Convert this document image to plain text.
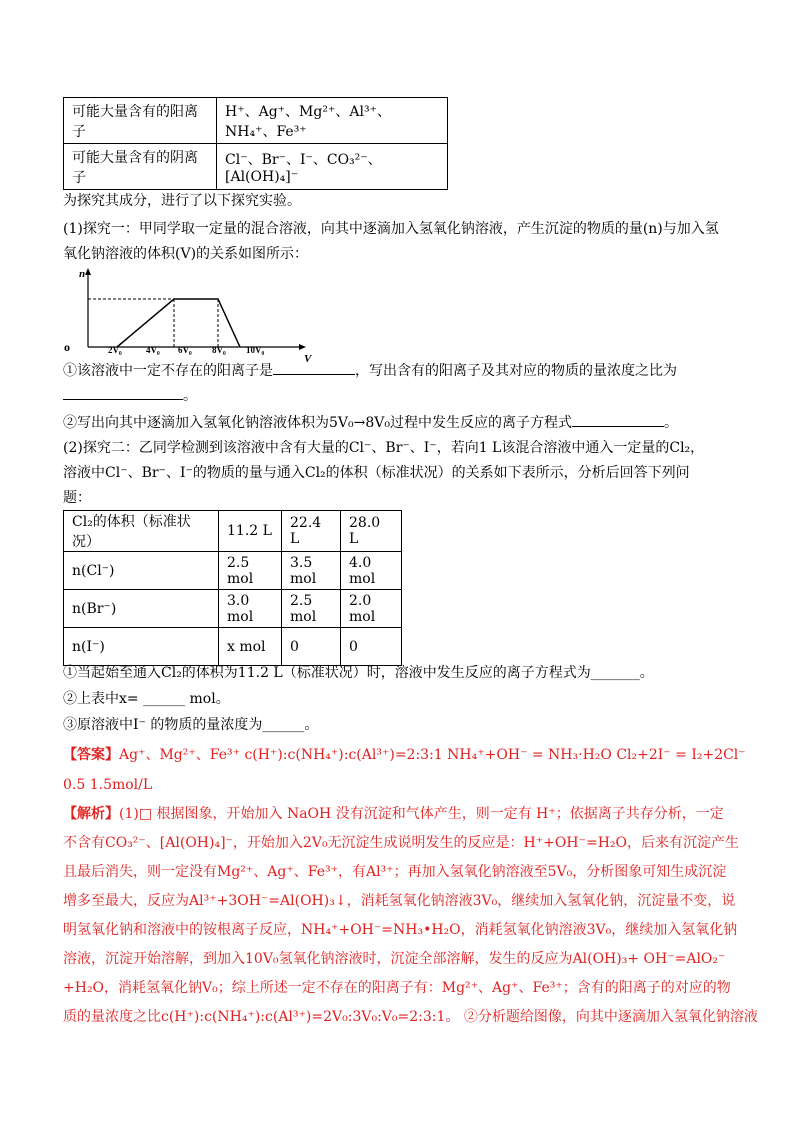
可能大量含有的阳离子	H⁺、Ag⁺、Mg²⁺、Al³⁺、NH₄⁺、Fe³⁺
可能大量含有的阴离子	Cl⁻、Br⁻、I⁻、CO₃²⁻、[Al(OH)₄]⁻
为探究其成分，进行了以下探究实验。
(1)探究一：甲同学取一定量的混合溶液，向其中逐滴加入氢氧化钠溶液，产生沉淀的物质的量(n)与加入氢
氧化钠溶液的体积(V)的关系如图所示：
n
o
V
2V₀	4V₀ 6V₀ 8V₀ 10V₀
①该溶液中一定不存在的阳离子是	，写出含有的阳离子及其对应的物质的量浓度之比为
。
②写出向其中逐滴加入氢氧化钠溶液体积为5V₀→8V₀过程中发生反应的离子方程式	。
(2)探究二：乙同学检测到该溶液中含有大量的Cl⁻、Br⁻、I⁻，若向1 L该混合溶液中通入一定量的Cl₂，
溶液中Cl⁻、Br⁻、I⁻的物质的量与通入Cl₂的体积（标准状况）的关系如下表所示，分析后回答下列问
题：
Cl₂的体积（标准状况）	11.2 L	22.4 L	28.0 L
n(Cl⁻)	2.5 mol	3.5 mol	4.0 mol
n(Br⁻)	3.0 mol	2.5 mol	2.0 mol
n(I⁻)	x mol	0	0
①当起始至通入Cl₂的体积为11.2 L（标准状况）时，溶液中发生反应的离子方程式为_______。
②上表中x= ______ mol。
③原溶液中I⁻ 的物质的量浓度为______。
【答案】Ag⁺、Mg²⁺、Fe³⁺ c(H⁺):c(NH₄⁺):c(Al³⁺)=2:3:1 NH₄⁺+OH⁻ = NH₃·H₂O Cl₂+2I⁻ = I₂+2Cl⁻
0.5 1.5mol/L
【解析】(1)□ 根据图象，开始加入 NaOH 没有沉淀和气体产生，则一定有 H⁺；依据离子共存分析，一定
不含有CO₃²⁻、[Al(OH)₄]⁻，开始加入2V₀无沉淀生成说明发生的反应是：H⁺+OH⁻=H₂O，后来有沉淀产生
且最后消失，则一定没有Mg²⁺、Ag⁺、Fe³⁺，有Al³⁺；再加入氢氧化钠溶液至5V₀，分析图象可知生成沉淀
增多至最大，反应为Al³⁺+3OH⁻=Al(OH)₃↓，消耗氢氧化钠溶液3V₀，继续加入氢氧化钠，沉淀量不变，说
明氢氧化钠和溶液中的铵根离子反应，NH₄⁺+OH⁻=NH₃•H₂O，消耗氢氧化钠溶液3V₀，继续加入氢氧化钠
溶液，沉淀开始溶解，到加入10V₀氢氧化钠溶液时，沉淀全部溶解，发生的反应为Al(OH)₃+ OH⁻=AlO₂⁻
+H₂O，消耗氢氧化钠V₀；综上所述一定不存在的阳离子有：Mg²⁺、Ag⁺、Fe³⁺；含有的阳离子的对应的物
质的量浓度之比c(H⁺):c(NH₄⁺):c(Al³⁺)=2V₀:3V₀:V₀=2:3:1。 ②分析题给图像，向其中逐滴加入氢氧化钠溶液
